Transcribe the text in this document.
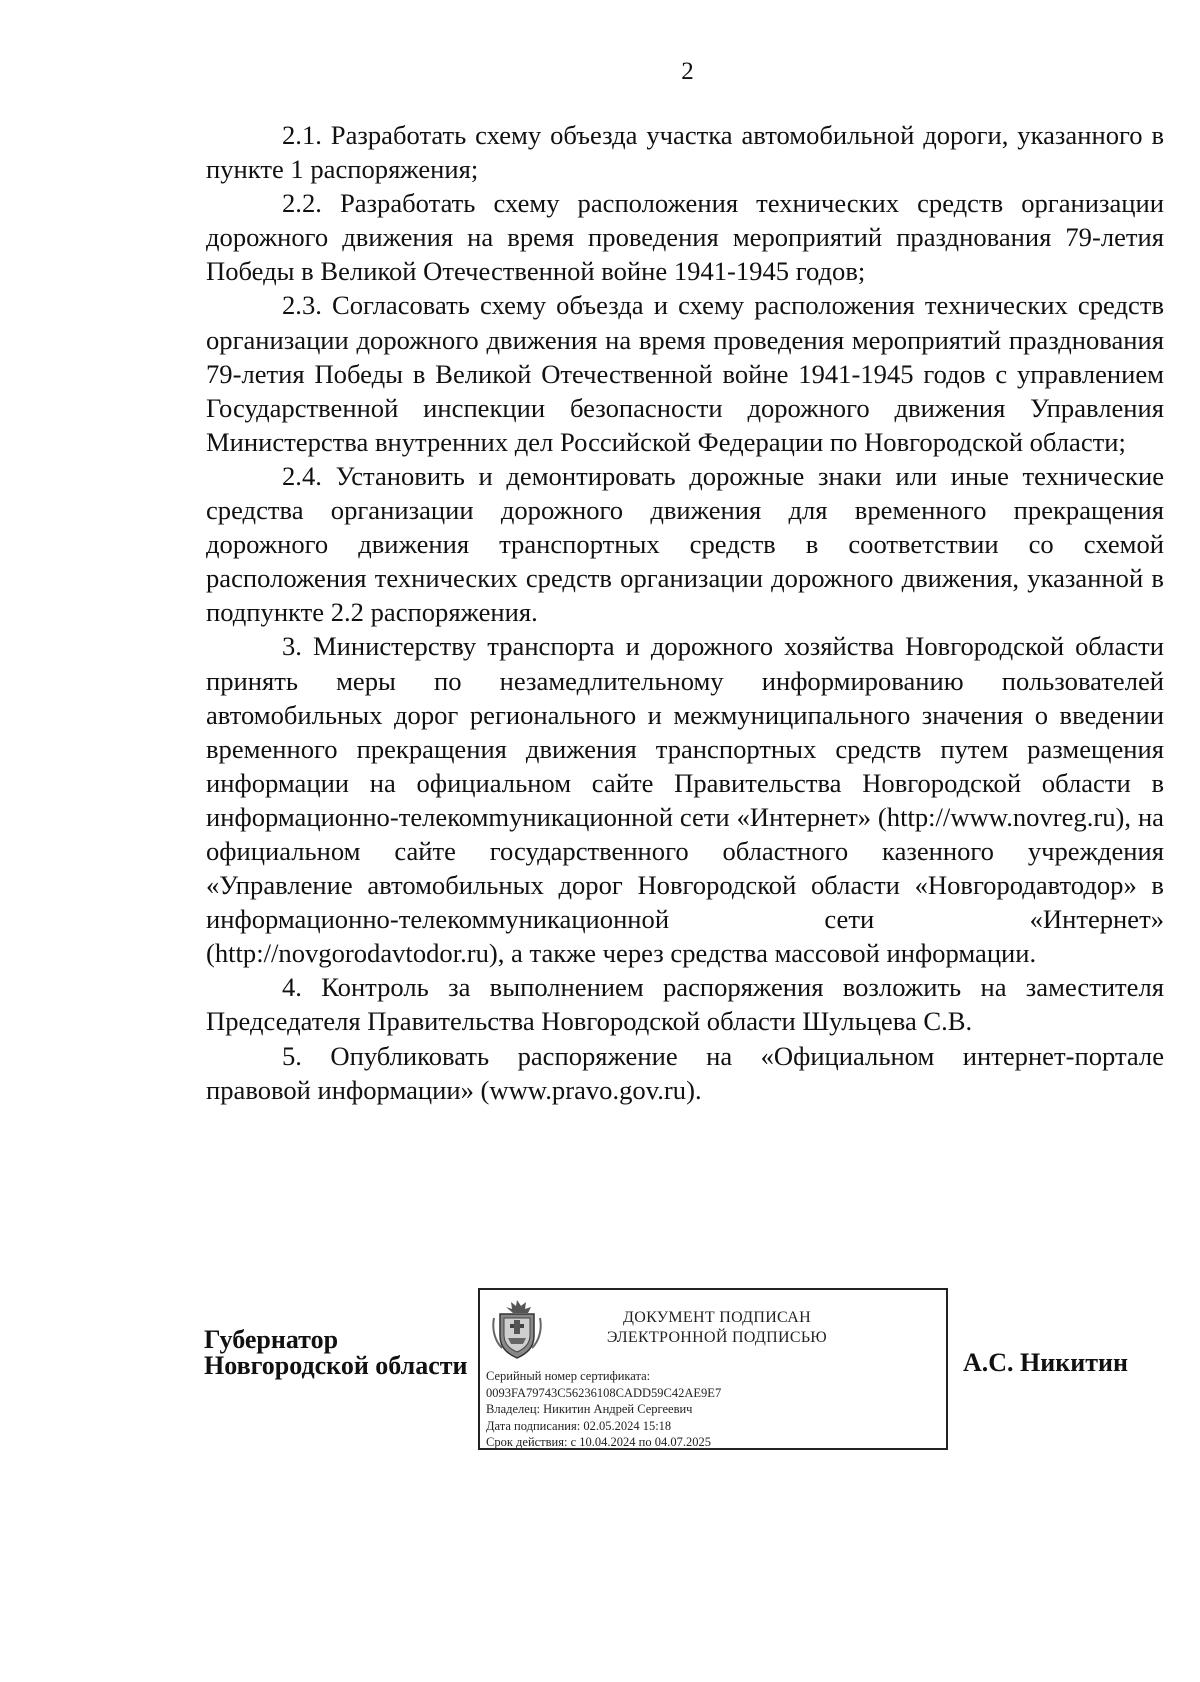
2

2.1. Разработать схему объезда участка автомобильной дороги, указанного в пункте 1 распоряжения;

2.2. Разработать схему расположения технических средств организации дорожного движения на время проведения мероприятий празднования 79-летия Победы в Великой Отечественной войне 1941-1945 годов;

2.3. Согласовать схему объезда и схему расположения технических средств организации дорожного движения на время проведения мероприятий празднования 79-летия Победы в Великой Отечественной войне 1941-1945 годов с управлением Государственной инспекции безопасности дорожного движения Управления Министерства внутренних дел Российской Федерации по Новгородской области;

2.4. Установить и демонтировать дорожные знаки или иные технические средства организации дорожного движения для временного прекращения дорожного движения транспортных средств в соответствии со схемой расположения технических средств организации дорожного движения, указанной в подпункте 2.2 распоряжения.

3. Министерству транспорта и дорожного хозяйства Новгородской области принять меры по незамедлительному информированию пользователей автомобильных дорог регионального и межмуниципального значения о введении временного прекращения движения транспортных средств путем размещения информации на официальном сайте Правительства Новгородской области в информационно-телекомmуникационной сети «Интернет» (http://www.novreg.ru), на официальном сайте государственного областного казенного учреждения «Управление автомобильных дорог Новгородской области «Новгородавтодор» в информационно-телекоммуникационной сети «Интернет» (http://novgorodavtodor.ru), а также через средства массовой информации.

4. Контроль за выполнением распоряжения возложить на заместителя Председателя Правительства Новгородской области Шульцева С.В.

5. Опубликовать распоряжение на «Официальном интернет-портале правовой информации» (www.pravo.gov.ru).

Губернатор
Новгородской области
ДОКУМЕНТ ПОДПИСАН
ЭЛЕКТРОННОЙ ПОДПИСЬЮ
Серийный номер сертификата:
0093FA79743C56236108CADD59C42AE9E7
Владелец: Никитин Андрей Сергеевич
Дата подписания: 02.05.2024 15:18
Срок действия: с 10.04.2024 по 04.07.2025
А.С. Никитин
